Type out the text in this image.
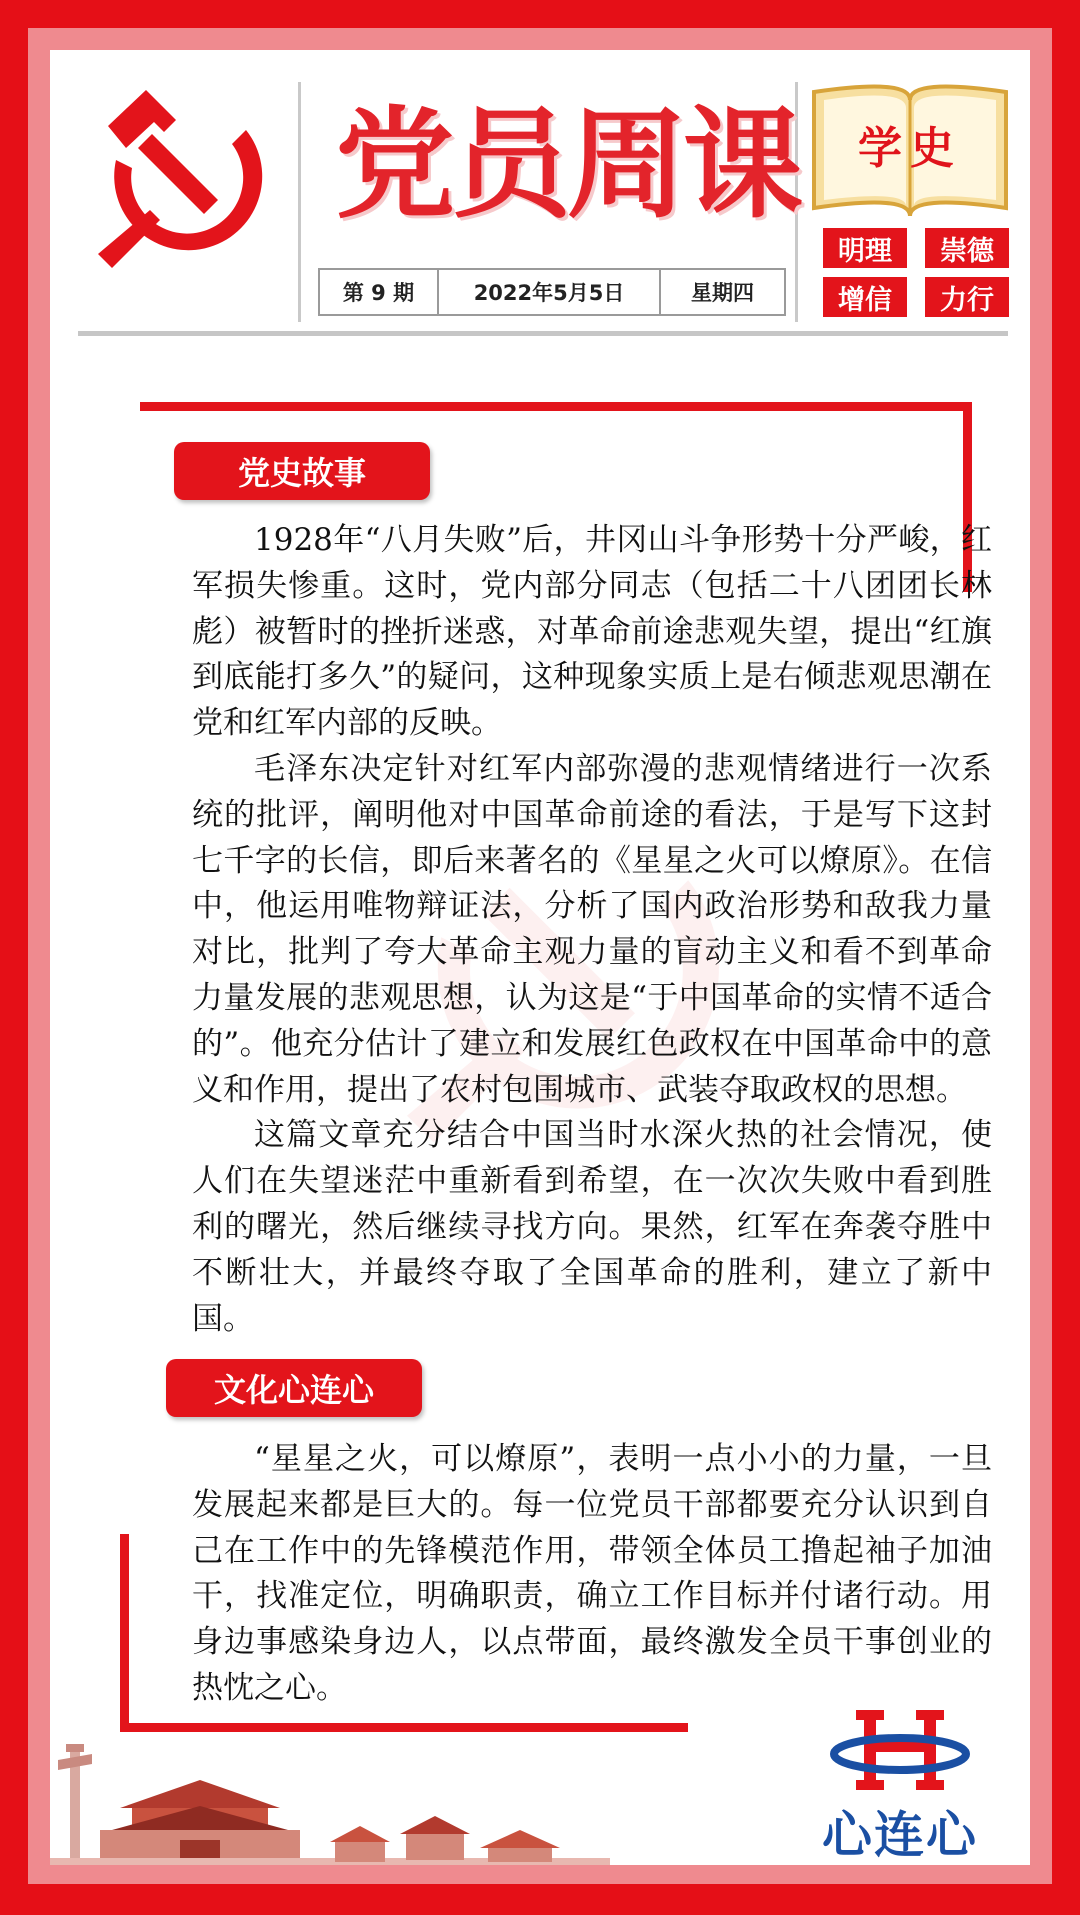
党员周课
第 9 期	2022年5月5日	星期四
学史
明理	崇德
增信	力行
党史故事

1928年“八月失败”后，井冈山斗争形势十分严峻，红军损失惨重。这时，党内部分同志（包括二十八团团长林彪）被暂时的挫折迷惑，对革命前途悲观失望，提出“红旗到底能打多久”的疑问，这种现象实质上是右倾悲观思潮在党和红军内部的反映。

毛泽东决定针对红军内部弥漫的悲观情绪进行一次系统的批评，阐明他对中国革命前途的看法，于是写下这封七千字的长信，即后来著名的《星星之火可以燎原》。在信中，他运用唯物辩证法，分析了国内政治形势和敌我力量对比，批判了夸大革命主观力量的盲动主义和看不到革命力量发展的悲观思想，认为这是“于中国革命的实情不适合的”。他充分估计了建立和发展红色政权在中国革命中的意义和作用，提出了农村包围城市、武装夺取政权的思想。

这篇文章充分结合中国当时水深火热的社会情况，使人们在失望迷茫中重新看到希望，在一次次失败中看到胜利的曙光，然后继续寻找方向。果然，红军在奔袭夺胜中不断壮大，并最终夺取了全国革命的胜利，建立了新中国。

文化心连心

“星星之火，可以燎原”，表明一点小小的力量，一旦发展起来都是巨大的。每一位党员干部都要充分认识到自己在工作中的先锋模范作用，带领全体员工撸起袖子加油干，找准定位，明确职责，确立工作目标并付诸行动。用身边事感染身边人，以点带面，最终激发全员干事创业的热忱之心。

心连心
